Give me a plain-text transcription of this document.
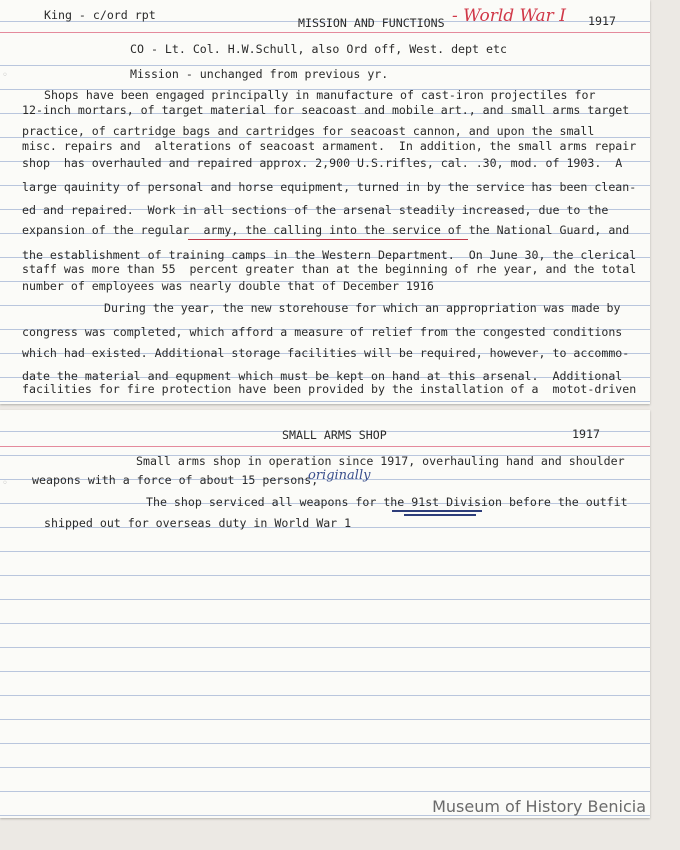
◦
King - c/ord rpt
MISSION AND FUNCTIONS - World War I 1917
CO - Lt. Col. H.W.Schull, also Ord off, West. dept etc
Mission - unchanged from previous yr.
Shops have been engaged principally in manufacture of cast-iron projectiles for
12-inch mortars, of target material for seacoast and mobile art., and small arms target
practice, of cartridge bags and cartridges for seacoast cannon, and upon the small
misc. repairs and  alterations of seacoast armament.  In addition, the small arms repair
shop  has overhauled and repaired approx. 2,900 U.S.rifles, cal. .30, mod. of 1903.  A
large qauinity of personal and horse equipment, turned in by the service has been clean-
ed and repaired.  Work in all sections of the arsenal steadily increased, due to the
expansion of the regular  army, the calling into the service of the National Guard, and
the establishment of training camps in the Western Department.  On June 30, the clerical
staff was more than 55  percent greater than at the beginning of rhe year, and the total
number of employees was nearly double that of December 1916
During the year, the new storehouse for which an appropriation was made by
congress was completed, which afford a measure of relief from the congested conditions
which had existed. Additional storage facilities will be required, however, to accommo-
date the material and equpment which must be kept on hand at this arsenal.  Additional
facilities for fire protection have been provided by the installation of a  motot-driven
◦
SMALL ARMS SHOP	1917
Small arms shop in operation since 1917, overhauling hand and shoulder
weapons with a force of about 15 persons,
originally
The shop serviced all weapons for the 91st Division before the outfit
shipped out for overseas duty in World War 1
Museum of History Benicia
